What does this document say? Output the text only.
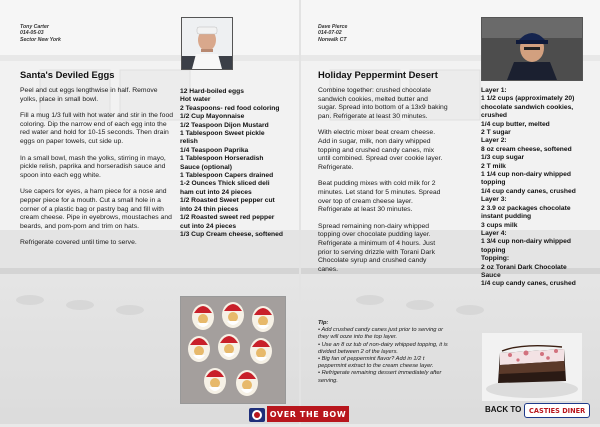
Tony Carter
014-05-03
Sector New York
Santa's Deviled Eggs

Peel and cut eggs lengthwise in half. Remove yolks, place in small bowl.

Fill a mug 1/3 full with hot water and stir in the food coloring. Dip the narrow end of each egg into the red water and hold for 10-15 seconds. Then drain eggs on paper towels, cut side up.

In a small bowl, mash the yolks, stirring in mayo, pickle relish, paprika and horseradish sauce and spoon into each egg white.

Use capers for eyes, a ham piece for a nose and pepper piece for a mouth. Cut a small hole in a corner of a plastic bag or pastry bag and fill with cream cheese. Pipe in eyebrows, moustaches and beards, and pom-pom and trim on hats.

Refrigerate covered until time to serve.

12 Hard-boiled eggs
Hot water
2 Teaspoons- red food coloring
1/2 Cup Mayonnaise
1/2 Teaspoon Dijon Mustard
1 Tablespoon Sweet pickle relish
1/4 Teaspoon Paprika
1 Tablespoon Horseradish Sauce (optional)
1 Tablespoon Capers drained
1-2 Ounces Thick sliced deli ham cut into 24 pieces
1/2 Roasted Sweet pepper cut into 24 thin pieces
1/2 Roasted sweet red pepper cut into 24 pieces
1/3 Cup Cream cheese, softened
OVER THE BOW
Dave Pierce
014-07-02
Norwalk CT
Holiday Peppermint Desert

Combine together: crushed chocolate sandwich cookies, melted butter and sugar. Spread into bottom of a 13x9 baking pan. Refrigerate at least 30 minutes.

With electric mixer beat cream cheese. Add in sugar, milk, non dairy whipped topping and crushed candy canes, mix until combined. Spread over cookie layer. Refrigerate.

Beat pudding mixes with cold milk for 2 minutes. Let stand for 5 minutes. Spread over top of cream cheese layer. Refrigerate at least 30 minutes.

Spread remaining non-dairy whipped topping over chocolate pudding layer. Refrigerate a minimum of 4 hours. Just prior to serving drizzle with Torani Dark Chocolate syrup and crushed candy canes.

Tip:
• Add crushed candy canes just prior to serving or they will ooze into the top layer.
• Use an 8 oz tub of non-dairy whipped topping, it is divided between 2 of the layers.
• Big fan of peppermint flavor? Add in 1/2 t peppermint extract to the cream cheese layer.
• Refrigerate remaining dessert immediately after serving.
Layer 1:
1 1/2 cups (approximately 20) chocolate sandwich cookies, crushed
1/4 cup butter, melted
2 T sugar
Layer 2:
8 oz cream cheese, softened
1/3 cup sugar
2 T milk
1 1/4 cup non-dairy whipped topping
1/4 cup candy canes, crushed
Layer 3:
2 3.9 oz packages chocolate instant pudding
3 cups milk
Layer 4:
1 3/4 cup non-dairy whipped topping
Topping:
2 oz Torani Dark Chocolate Sauce
1/4 cup candy canes, crushed
BACK TO CASTIES DINER
